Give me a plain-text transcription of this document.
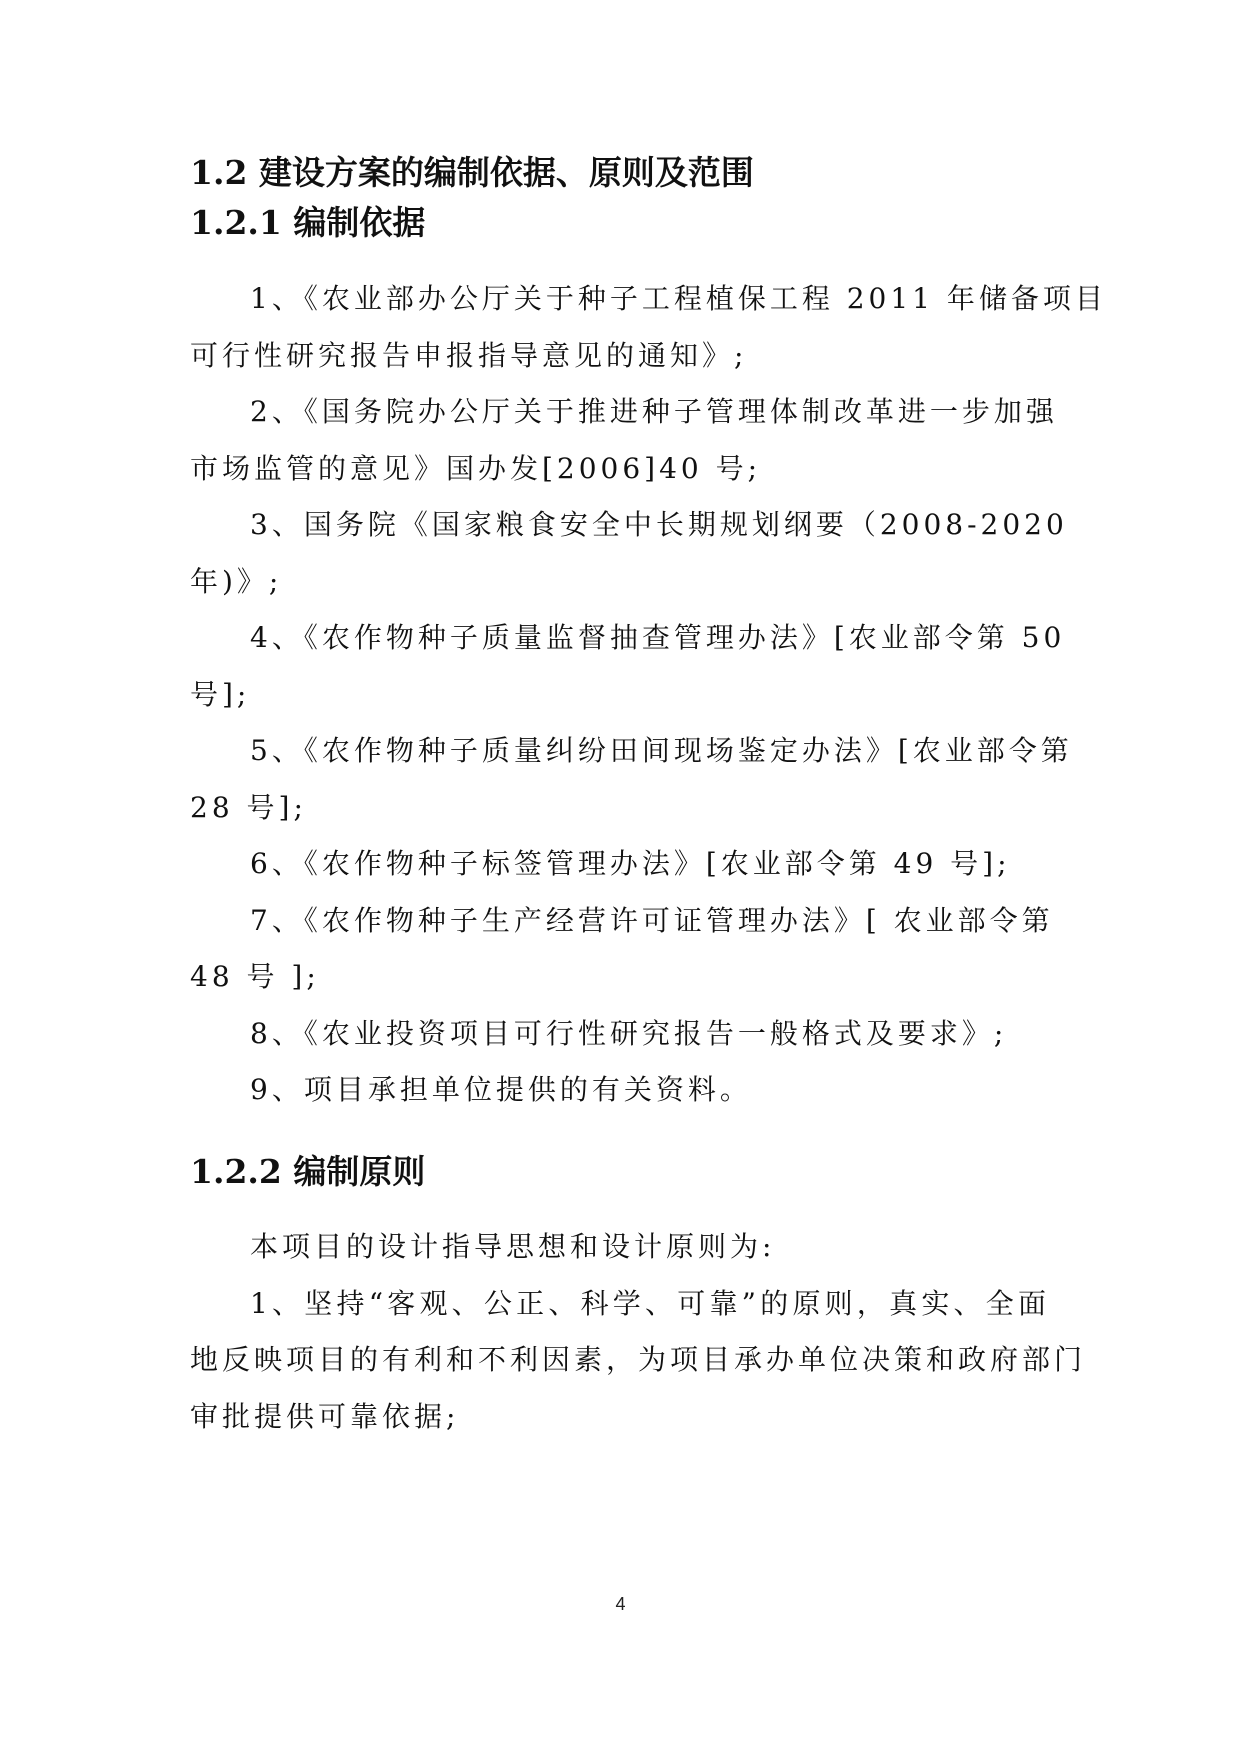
1.2 建设方案的编制依据、原则及范围
1.2.1 编制依据
1、《农业部办公厅关于种子工程植保工程 2011 年储备项目
可行性研究报告申报指导意见的通知》;
2、《国务院办公厅关于推进种子管理体制改革进一步加强
市场监管的意见》国办发[2006]40 号;
3、国务院《国家粮食安全中长期规划纲要（2008-2020
年)》;
4、《农作物种子质量监督抽查管理办法》[农业部令第 50
号];
5、《农作物种子质量纠纷田间现场鉴定办法》[农业部令第
28 号];
6、《农作物种子标签管理办法》[农业部令第 49 号];
7、《农作物种子生产经营许可证管理办法》[ 农业部令第
48 号 ];
8、《农业投资项目可行性研究报告一般格式及要求》;
9、项目承担单位提供的有关资料。
1.2.2 编制原则
本项目的设计指导思想和设计原则为:
1、坚持“客观、公正、科学、可靠”的原则，真实、全面
地反映项目的有利和不利因素，为项目承办单位决策和政府部门
审批提供可靠依据;
4
